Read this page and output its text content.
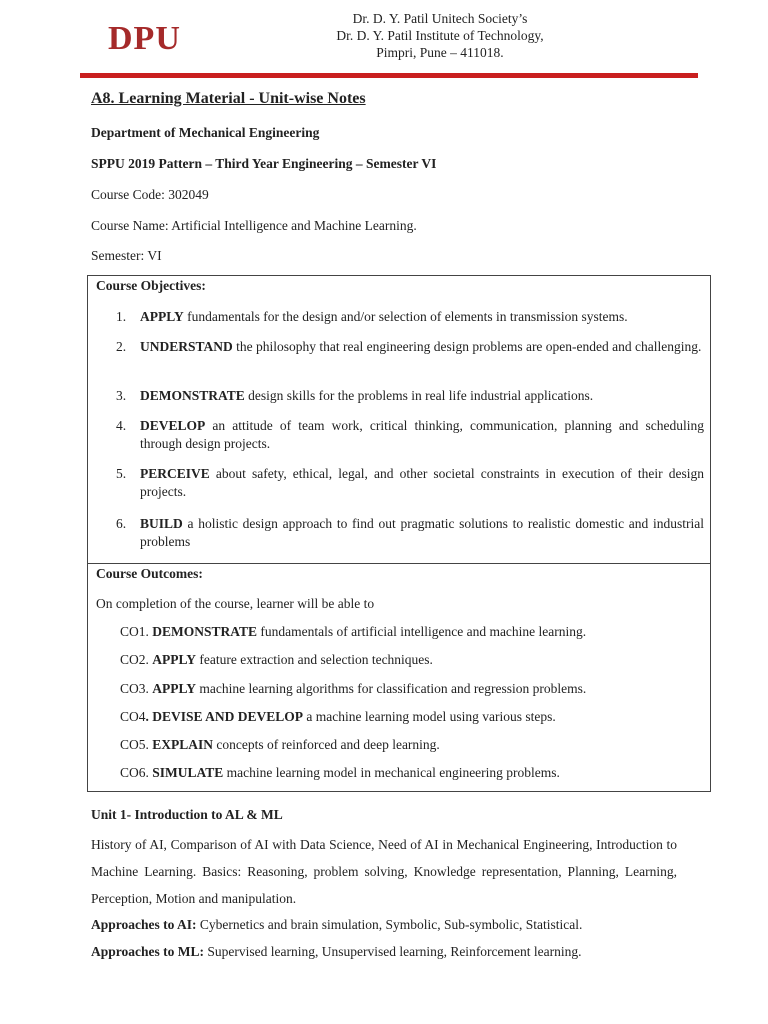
DPU
Dr. D. Y. Patil Unitech Society’s
Dr. D. Y. Patil Institute of Technology,
Pimpri, Pune – 411018.
A8. Learning Material - Unit-wise Notes
Department of Mechanical Engineering
SPPU 2019 Pattern – Third Year Engineering – Semester VI
Course Code: 302049
Course Name: Artificial Intelligence and Machine Learning.
Semester: VI
Course Objectives:
1.	APPLY fundamentals for the design and/or selection of elements in transmission systems.
2.	UNDERSTAND the philosophy that real engineering design problems are open-ended and challenging.
3.	DEMONSTRATE design skills for the problems in real life industrial applications.
4.	DEVELOP an attitude of team work, critical thinking, communication, planning and scheduling through design projects.
5.	PERCEIVE about safety, ethical, legal, and other societal constraints in execution of their design projects.
6.	BUILD a holistic design approach to find out pragmatic solutions to realistic domestic and industrial problems
Course Outcomes:
On completion of the course, learner will be able to
CO1. DEMONSTRATE fundamentals of artificial intelligence and machine learning.
CO2. APPLY feature extraction and selection techniques.
CO3. APPLY machine learning algorithms for classification and regression problems.
CO4. DEVISE AND DEVELOP a machine learning model using various steps.
CO5. EXPLAIN concepts of reinforced and deep learning.
CO6. SIMULATE machine learning model in mechanical engineering problems.
Unit 1- Introduction to AL & ML
History of AI, Comparison of AI with Data Science, Need of AI in Mechanical Engineering, Introduction to Machine Learning. Basics: Reasoning, problem solving, Knowledge representation, Planning, Learning, Perception, Motion and manipulation.
Approaches to AI: Cybernetics and brain simulation, Symbolic, Sub-symbolic, Statistical.
Approaches to ML: Supervised learning, Unsupervised learning, Reinforcement learning.
